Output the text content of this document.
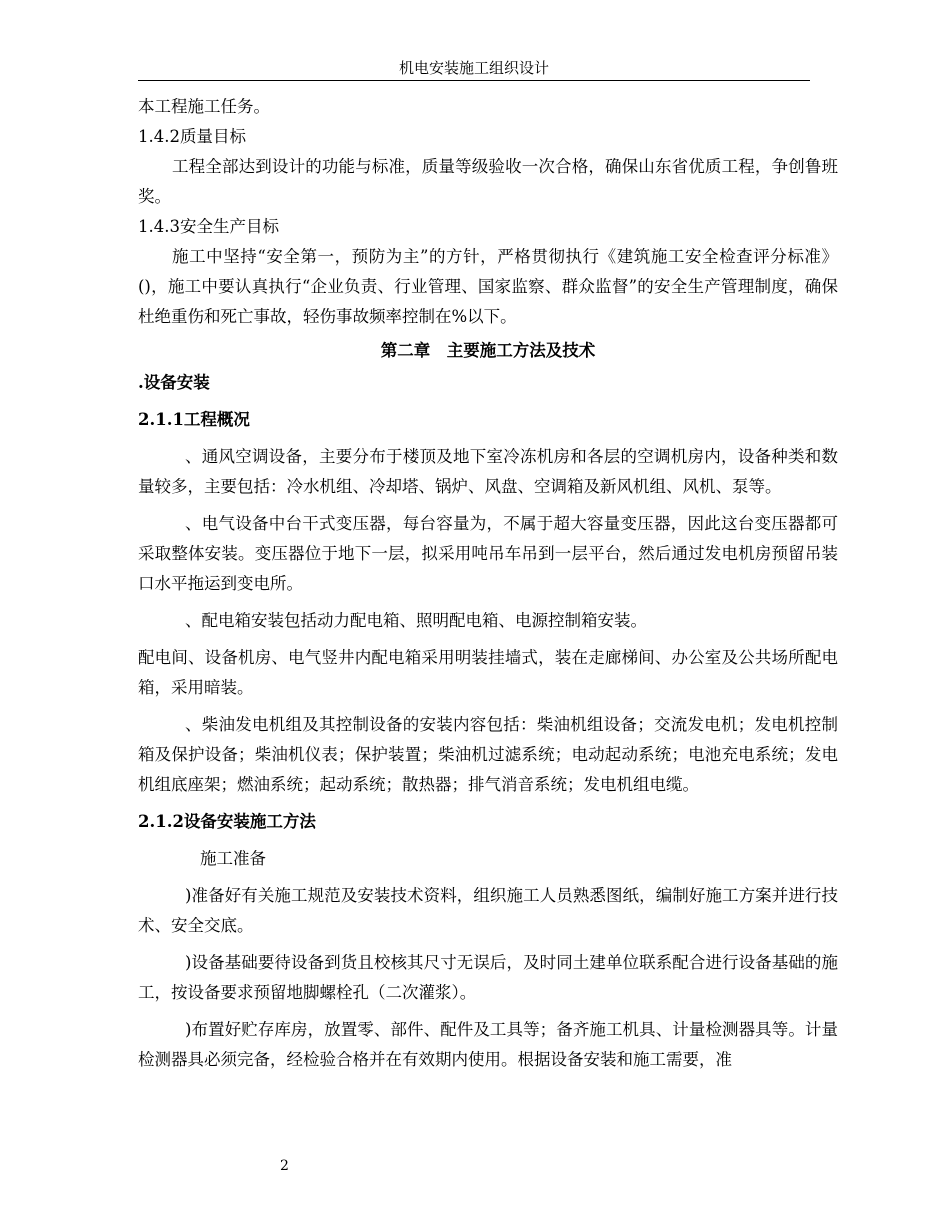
机电安装施工组织设计

本工程施工任务。

1.4.2质量目标

工程全部达到设计的功能与标准，质量等级验收一次合格，确保山东省优质工程，争创鲁班奖。

1.4.3安全生产目标

施工中坚持“安全第一，预防为主”的方针，严格贯彻执行《建筑施工安全检查评分标准》()，施工中要认真执行“企业负责、行业管理、国家监察、群众监督”的安全生产管理制度，确保杜绝重伤和死亡事故，轻伤事故频率控制在%以下。

第二章　主要施工方法及技术

.设备安装

2.1.1工程概况

、通风空调设备，主要分布于楼顶及地下室冷冻机房和各层的空调机房内，设备种类和数量较多，主要包括：冷水机组、冷却塔、锅炉、风盘、空调箱及新风机组、风机、泵等。

、电气设备中台干式变压器，每台容量为，不属于超大容量变压器，因此这台变压器都可采取整体安装。变压器位于地下一层，拟采用吨吊车吊到一层平台，然后通过发电机房预留吊装口水平拖运到变电所。

、配电箱安装包括动力配电箱、照明配电箱、电源控制箱安装。

配电间、设备机房、电气竖井内配电箱采用明装挂墙式，装在走廊梯间、办公室及公共场所配电箱，采用暗装。

、柴油发电机组及其控制设备的安装内容包括：柴油机组设备；交流发电机；发电机控制箱及保护设备；柴油机仪表；保护装置；柴油机过滤系统；电动起动系统；电池充电系统；发电机组底座架；燃油系统；起动系统；散热器；排气消音系统；发电机组电缆。

2.1.2设备安装施工方法

施工准备

)准备好有关施工规范及安装技术资料，组织施工人员熟悉图纸，编制好施工方案并进行技术、安全交底。

)设备基础要待设备到货且校核其尺寸无误后，及时同土建单位联系配合进行设备基础的施工，按设备要求预留地脚螺栓孔（二次灌浆）。

)布置好贮存库房，放置零、部件、配件及工具等；备齐施工机具、计量检测器具等。计量检测器具必须完备，经检验合格并在有效期内使用。根据设备安装和施工需要，准

2
